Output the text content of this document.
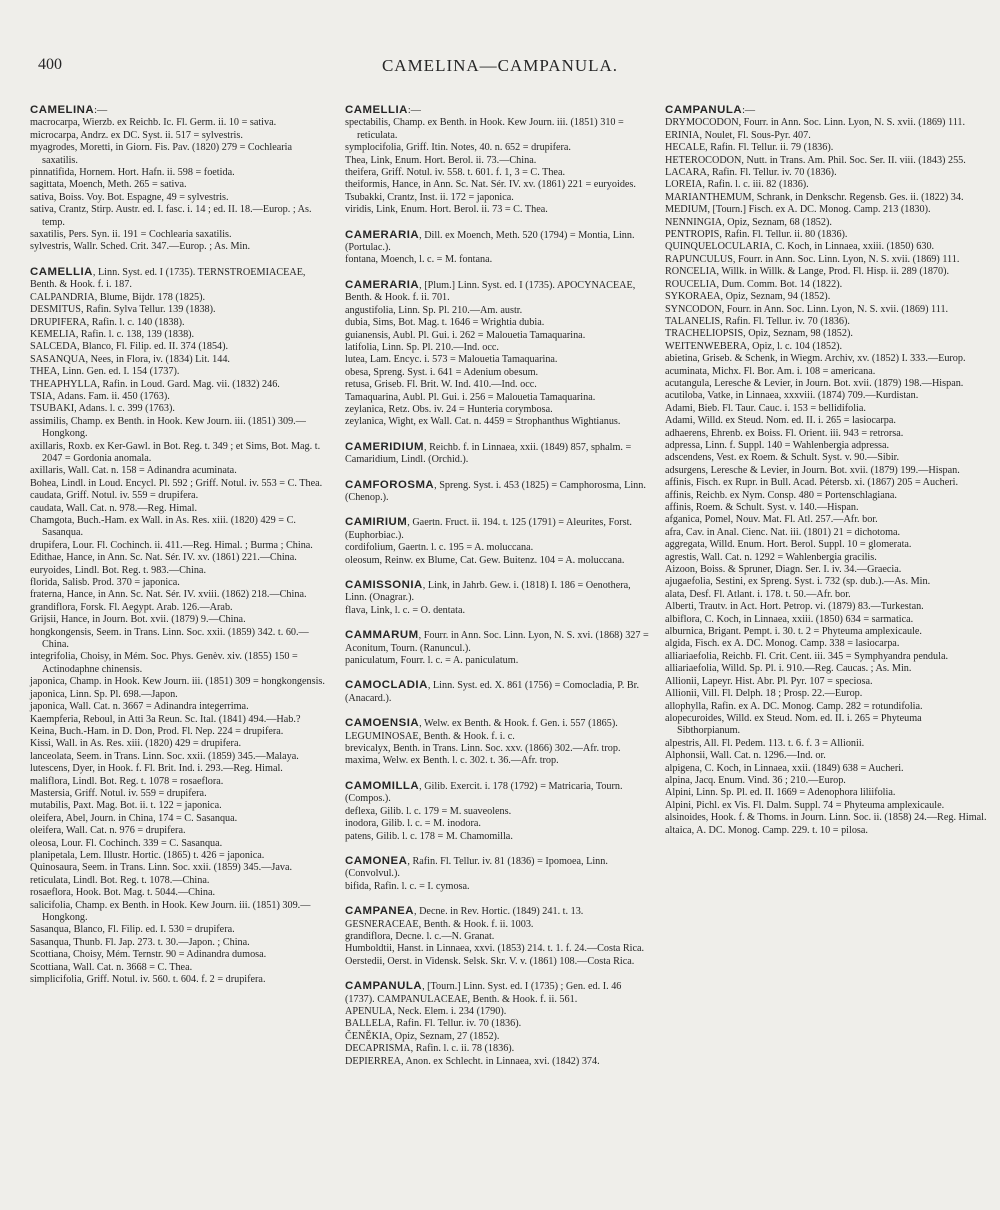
400	CAMELINA—CAMPANULA.
CAMELINA:—
macrocarpa, Wierzb. ex Reichb. Ic. Fl. Germ. ii. 10 = sativa.
microcarpa, Andrz. ex DC. Syst. ii. 517 = sylvestris.
myagrodes, Moretti, in Giorn. Fis. Pav. (1820) 279 = Cochlearia saxatilis.
pinnatifida, Hornem. Hort. Hafn. ii. 598 = foetida.
sagittata, Moench, Meth. 265 = sativa.
sativa, Boiss. Voy. Bot. Espagne, 49 = sylvestris.
sativa, Crantz, Stirp. Austr. ed. I. fasc. i. 14 ; ed. II. 18.—Europ. ; As. temp.
saxatilis, Pers. Syn. ii. 191 = Cochlearia saxatilis.
sylvestris, Wallr. Sched. Crit. 347.—Europ. ; As. Min.
CAMELLIA, Linn. Syst. ed. I (1735). TERNSTROEMIACEAE, Benth. & Hook. f. i. 187.
CALPANDRIA, Blume, Bijdr. 178 (1825).
DESMITUS, Rafin. Sylva Tellur. 139 (1838).
DRUPIFERA, Rafin. l. c. 140 (1838).
KEMELIA, Rafin. l. c. 138, 139 (1838).
SALCEDA, Blanco, Fl. Filip. ed. II. 374 (1854).
SASANQUA, Nees, in Flora, iv. (1834) Lit. 144.
THEA, Linn. Gen. ed. I. 154 (1737).
THEAPHYLLA, Rafin. in Loud. Gard. Mag. vii. (1832) 246.
TSIA, Adans. Fam. ii. 450 (1763).
TSUBAKI, Adans. l. c. 399 (1763).
assimilis, Champ. ex Benth. in Hook. Kew Journ. iii. (1851) 309.—Hongkong.
axillaris, Roxb. ex Ker-Gawl. in Bot. Reg. t. 349 ; et Sims, Bot. Mag. t. 2047 = Gordonia anomala.
axillaris, Wall. Cat. n. 158 = Adinandra acuminata.
Bohea, Lindl. in Loud. Encycl. Pl. 592 ; Griff. Notul. iv. 553 = C. Thea.
caudata, Griff. Notul. iv. 559 = drupifera.
caudata, Wall. Cat. n. 978.—Reg. Himal.
Chamgota, Buch.-Ham. ex Wall. in As. Res. xiii. (1820) 429 = C. Sasanqua.
drupifera, Lour. Fl. Cochinch. ii. 411.—Reg. Himal. ; Burma ; China.
Edithae, Hance, in Ann. Sc. Nat. Sér. IV. xv. (1861) 221.—China.
euryoides, Lindl. Bot. Reg. t. 983.—China.
florida, Salisb. Prod. 370 = japonica.
fraterna, Hance, in Ann. Sc. Nat. Sér. IV. xviii. (1862) 218.—China.
grandiflora, Forsk. Fl. Aegypt. Arab. 126.—Arab.
Grijsii, Hance, in Journ. Bot. xvii. (1879) 9.—China.
hongkongensis, Seem. in Trans. Linn. Soc. xxii. (1859) 342. t. 60.—China.
integrifolia, Choisy, in Mém. Soc. Phys. Genèv. xiv. (1855) 150 = Actinodaphne chinensis.
japonica, Champ. in Hook. Kew Journ. iii. (1851) 309 = hongkongensis.
japonica, Linn. Sp. Pl. 698.—Japon.
japonica, Wall. Cat. n. 3667 = Adinandra integerrima.
Kaempferia, Reboul, in Atti 3a Reun. Sc. Ital. (1841) 494.—Hab.?
Keina, Buch.-Ham. in D. Don, Prod. Fl. Nep. 224 = drupifera.
Kissi, Wall. in As. Res. xiii. (1820) 429 = drupifera.
lanceolata, Seem. in Trans. Linn. Soc. xxii. (1859) 345.—Malaya.
lutescens, Dyer, in Hook. f. Fl. Brit. Ind. i. 293.—Reg. Himal.
maliflora, Lindl. Bot. Reg. t. 1078 = rosaeflora.
Mastersia, Griff. Notul. iv. 559 = drupifera.
mutabilis, Paxt. Mag. Bot. ii. t. 122 = japonica.
oleifera, Abel, Journ. in China, 174 = C. Sasanqua.
oleifera, Wall. Cat. n. 976 = drupifera.
oleosa, Lour. Fl. Cochinch. 339 = C. Sasanqua.
planipetala, Lem. Illustr. Hortic. (1865) t. 426 = japonica.
Quinosaura, Seem. in Trans. Linn. Soc. xxii. (1859) 345.—Java.
reticulata, Lindl. Bot. Reg. t. 1078.—China.
rosaeflora, Hook. Bot. Mag. t. 5044.—China.
salicifolia, Champ. ex Benth. in Hook. Kew Journ. iii. (1851) 309.—Hongkong.
Sasanqua, Blanco, Fl. Filip. ed. I. 530 = drupifera.
Sasanqua, Thunb. Fl. Jap. 273. t. 30.—Japon. ; China.
Scottiana, Choisy, Mém. Ternstr. 90 = Adinandra dumosa.
Scottiana, Wall. Cat. n. 3668 = C. Thea.
simplicifolia, Griff. Notul. iv. 560. t. 604. f. 2 = drupifera.
CAMELLIA:—
spectabilis, Champ. ex Benth. in Hook. Kew Journ. iii. (1851) 310 = reticulata.
symplocifolia, Griff. Itin. Notes, 40. n. 652 = drupifera.
Thea, Link, Enum. Hort. Berol. ii. 73.—China.
theifera, Griff. Notul. iv. 558. t. 601. f. 1, 3 = C. Thea.
theiformis, Hance, in Ann. Sc. Nat. Sér. IV. xv. (1861) 221 = euryoides.
Tsubakki, Crantz, Inst. ii. 172 = japonica.
viridis, Link, Enum. Hort. Berol. ii. 73 = C. Thea.
CAMERARIA, Dill. ex Moench, Meth. 520 (1794) = Montia, Linn. (Portulac.).
fontana, Moench, l. c. = M. fontana.
CAMERARIA, [Plum.] Linn. Syst. ed. I (1735). APOCYNACEAE, Benth. & Hook. f. ii. 701.
angustifolia, Linn. Sp. Pl. 210.—Am. austr.
dubia, Sims, Bot. Mag. t. 1646 = Wrightia dubia.
guianensis, Aubl. Pl. Gui. i. 262 = Malouetia Tamaquarina.
latifolia, Linn. Sp. Pl. 210.—Ind. occ.
lutea, Lam. Encyc. i. 573 = Malouetia Tamaquarina.
obesa, Spreng. Syst. i. 641 = Adenium obesum.
retusa, Griseb. Fl. Brit. W. Ind. 410.—Ind. occ.
Tamaquarina, Aubl. Pl. Gui. i. 256 = Malouetia Tamaquarina.
zeylanica, Retz. Obs. iv. 24 = Hunteria corymbosa.
zeylanica, Wight, ex Wall. Cat. n. 4459 = Strophanthus Wightianus.
CAMERIDIUM, Reichb. f. in Linnaea, xxii. (1849) 857, sphalm. = Camaridium, Lindl. (Orchid.).
CAMFOROSMA, Spreng. Syst. i. 453 (1825) = Camphorosma, Linn. (Chenop.).
CAMIRIUM, Gaertn. Fruct. ii. 194. t. 125 (1791) = Aleurites, Forst. (Euphorbiac.).
cordifolium, Gaertn. l. c. 195 = A. moluccana.
oleosum, Reinw. ex Blume, Cat. Gew. Buitenz. 104 = A. moluccana.
CAMISSONIA, Link, in Jahrb. Gew. i. (1818) I. 186 = Oenothera, Linn. (Onagrar.).
flava, Link, l. c. = O. dentata.
CAMMARUM, Fourr. in Ann. Soc. Linn. Lyon, N. S. xvi. (1868) 327 = Aconitum, Tourn. (Ranuncul.).
paniculatum, Fourr. l. c. = A. paniculatum.
CAMOCLADIA, Linn. Syst. ed. X. 861 (1756) = Comocladia, P. Br. (Anacard.).
CAMOENSIA, Welw. ex Benth. & Hook. f. Gen. i. 557 (1865). LEGUMINOSAE, Benth. & Hook. f. i. c.
brevicalyx, Benth. in Trans. Linn. Soc. xxv. (1866) 302.—Afr. trop.
maxima, Welw. ex Benth. l. c. 302. t. 36.—Afr. trop.
CAMOMILLA, Gilib. Exercit. i. 178 (1792) = Matricaria, Tourn. (Compos.).
deflexa, Gilib. l. c. 179 = M. suaveolens.
inodora, Gilib. l. c. = M. inodora.
patens, Gilib. l. c. 178 = M. Chamomilla.
CAMONEA, Rafin. Fl. Tellur. iv. 81 (1836) = Ipomoea, Linn. (Convolvul.).
bifida, Rafin. l. c. = I. cymosa.
CAMPANEA, Decne. in Rev. Hortic. (1849) 241. t. 13. GESNERACEAE, Benth. & Hook. f. ii. 1003.
grandiflora, Decne. l. c.—N. Granat.
Humboldtii, Hanst. in Linnaea, xxvi. (1853) 214. t. 1. f. 24.—Costa Rica.
Oerstedii, Oerst. in Vidensk. Selsk. Skr. V. v. (1861) 108.—Costa Rica.
CAMPANULA, [Tourn.] Linn. Syst. ed. I (1735) ; Gen. ed. I. 46 (1737). CAMPANULACEAE, Benth. & Hook. f. ii. 561.
APENULA, Neck. Elem. i. 234 (1790).
BALLELA, Rafin. Fl. Tellur. iv. 70 (1836).
ČENĚKIA, Opiz, Seznam, 27 (1852).
DECAPRISMA, Rafin. l. c. ii. 78 (1836).
DEPIERREA, Anon. ex Schlecht. in Linnaea, xvi. (1842) 374.
CAMPANULA:—
DRYMOCODON, Fourr. in Ann. Soc. Linn. Lyon, N. S. xvii. (1869) 111.
ERINIA, Noulet, Fl. Sous-Pyr. 407.
HECALE, Rafin. Fl. Tellur. ii. 79 (1836).
HETEROCODON, Nutt. in Trans. Am. Phil. Soc. Ser. II. viii. (1843) 255.
LACARA, Rafin. Fl. Tellur. iv. 70 (1836).
LOREIA, Rafin. l. c. iii. 82 (1836).
MARIANTHEMUM, Schrank, in Denkschr. Regensb. Ges. ii. (1822) 34.
MEDIUM, [Tourn.] Fisch. ex A. DC. Monog. Camp. 213 (1830).
NENNINGIA, Opiz, Seznam, 68 (1852).
PENTROPIS, Rafin. Fl. Tellur. ii. 80 (1836).
QUINQUELOCULARIA, C. Koch, in Linnaea, xxiii. (1850) 630.
RAPUNCULUS, Fourr. in Ann. Soc. Linn. Lyon, N. S. xvii. (1869) 111.
RONCELIA, Willk. in Willk. & Lange, Prod. Fl. Hisp. ii. 289 (1870).
ROUCELIA, Dum. Comm. Bot. 14 (1822).
SYKORAEA, Opiz, Seznam, 94 (1852).
SYNCODON, Fourr. in Ann. Soc. Linn. Lyon, N. S. xvii. (1869) 111.
TALANELIS, Rafin. Fl. Tellur. iv. 70 (1836).
TRACHELIOPSIS, Opiz, Seznam, 98 (1852).
WEITENWEBERA, Opiz, l. c. 104 (1852).
abietina, Griseb. & Schenk, in Wiegm. Archiv, xv. (1852) I. 333.—Europ.
acuminata, Michx. Fl. Bor. Am. i. 108 = americana.
acutangula, Leresche & Levier, in Journ. Bot. xvii. (1879) 198.—Hispan.
acutiloba, Vatke, in Linnaea, xxxviii. (1874) 709.—Kurdistan.
Adami, Bieb. Fl. Taur. Cauc. i. 153 = bellidifolia.
Adami, Willd. ex Steud. Nom. ed. II. i. 265 = lasiocarpa.
adhaerens, Ehrenb. ex Boiss. Fl. Orient. iii. 943 = retrorsa.
adpressa, Linn. f. Suppl. 140 = Wahlenbergia adpressa.
adscendens, Vest. ex Roem. & Schult. Syst. v. 90.—Sibir.
adsurgens, Leresche & Levier, in Journ. Bot. xvii. (1879) 199.—Hispan.
affinis, Fisch. ex Rupr. in Bull. Acad. Pétersb. xi. (1867) 205 = Aucheri.
affinis, Reichb. ex Nym. Consp. 480 = Portenschlagiana.
affinis, Roem. & Schult. Syst. v. 140.—Hispan.
afganica, Pomel, Nouv. Mat. Fl. Atl. 257.—Afr. bor.
afra, Cav. in Anal. Cienc. Nat. iii. (1801) 21 = dichotoma.
aggregata, Willd. Enum. Hort. Berol. Suppl. 10 = glomerata.
agrestis, Wall. Cat. n. 1292 = Wahlenbergia gracilis.
Aizoon, Boiss. & Spruner, Diagn. Ser. I. iv. 34.—Graecia.
ajugaefolia, Sestini, ex Spreng. Syst. i. 732 (sp. dub.).—As. Min.
alata, Desf. Fl. Atlant. i. 178. t. 50.—Afr. bor.
Alberti, Trautv. in Act. Hort. Petrop. vi. (1879) 83.—Turkestan.
albiflora, C. Koch, in Linnaea, xxiii. (1850) 634 = sarmatica.
alburnica, Brigant. Pempt. i. 30. t. 2 = Phyteuma amplexicaule.
algida, Fisch. ex A. DC. Monog. Camp. 338 = lasiocarpa.
alliariaefolia, Reichb. Fl. Crit. Cent. iii. 345 = Symphyandra pendula.
alliariaefolia, Willd. Sp. Pl. i. 910.—Reg. Caucas. ; As. Min.
Allionii, Lapeyr. Hist. Abr. Pl. Pyr. 107 = speciosa.
Allionii, Vill. Fl. Delph. 18 ; Prosp. 22.—Europ.
allophylla, Rafin. ex A. DC. Monog. Camp. 282 = rotundifolia.
alopecuroides, Willd. ex Steud. Nom. ed. II. i. 265 = Phyteuma Sibthorpianum.
alpestris, All. Fl. Pedem. 113. t. 6. f. 3 = Allionii.
Alphonsii, Wall. Cat. n. 1296.—Ind. or.
alpigena, C. Koch, in Linnaea, xxii. (1849) 638 = Aucheri.
alpina, Jacq. Enum. Vind. 36 ; 210.—Europ.
Alpini, Linn. Sp. Pl. ed. II. 1669 = Adenophora liliifolia.
Alpini, Pichl. ex Vis. Fl. Dalm. Suppl. 74 = Phyteuma amplexicaule.
alsinoides, Hook. f. & Thoms. in Journ. Linn. Soc. ii. (1858) 24.—Reg. Himal.
altaica, A. DC. Monog. Camp. 229. t. 10 = pilosa.
